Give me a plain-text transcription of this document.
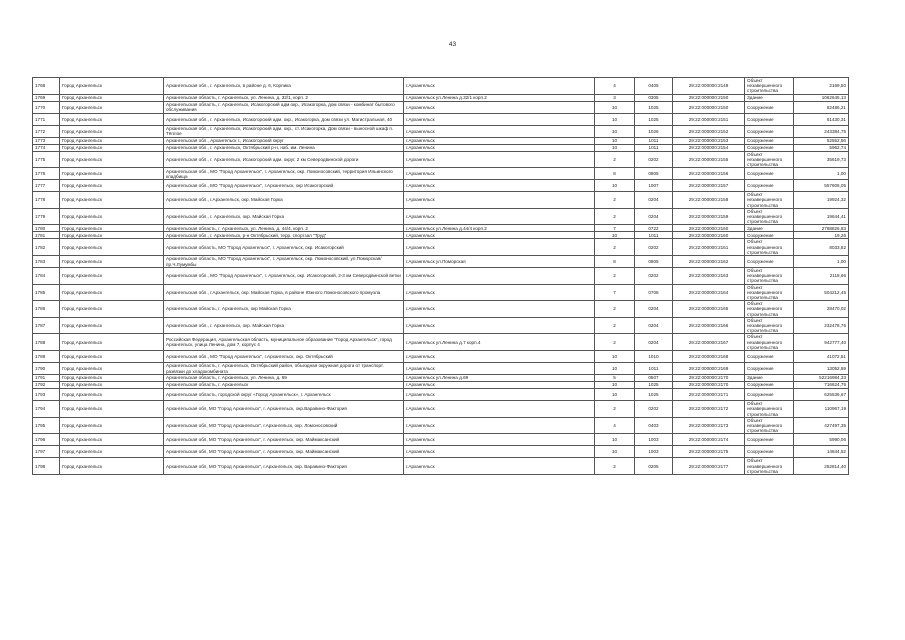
43
1768	Город Архангельск	Архангельская обл., г. Архангельск, в районе д. 6, Корпика	г.Архангельск	4	0405	29:22:000000:2149	Объект незавершенного строительства	2169,50
1769	Город Архангельск	Архангельская область, г. Архангельск, ул. Ленина, д. 32/1, корп. 2	г.Архангельск ул.Ленина д.32/1 корп.2	3	0305	29:22:000000:2150	Здание	1062645,13
1770	Город Архангельск	Архангельская область, г. Архангельск, Исакогорский адм.окр., Исакогорка, дом связи - комбинат бытового обслуживания	г.Архангельск	10	1025	29:22:000000:2150	Сооружение	82486,21
1771	Город Архангельск	Архангельская обл., г. Архангельск, Исакогорский адм. окр., Исакогорка, дом связи ул. Магистральная, 40	г.Архангельск	10	1025	29:22:000000:2151	Сооружение	61430,31
1772	Город Архангельск	Архангельская обл., г. Архангельск, Исакогорский адм. окр., ст. Исакогорка, Дом связи - выносной шкаф п. Тёплое	г.Архангельск	10	1026	29:22:000000:2152	Сооружение	243384,75
1773	Город Архангельск	Архангельская обл., Архангельск г., Исакогорский округ	г.Архангельск	10	1011	29:22:000000:2153	Сооружение	52552,56
1774	Город Архангельск	Архангельская обл., г. Архангельск, Октябрьский р-н, наб. им. Ленина	г.Архангельск	10	1011	29:22:000000:2154	Сооружение	5962,74
1775	Город Архангельск	Архангельская обл., г. Архангельск, Исакогорский адм. округ, 2 км Северодвинской дороги	г.Архангельск	2	0202	29:22:000000:2155	Объект незавершенного строительства	35619,73
1776	Город Архангельск	Архангельская обл., МО "Город Архангельск", г. Архангельск, окр. Ломоносовский, территория Ильинского кладбища	г.Архангельск	8	0805	29:22:000000:2156	Сооружение	1,00
1777	Город Архангельск	Архангельская обл., МО "Город Архангельск", г.Архангельск, окр Исакогорский	г.Архангельск	10	1007	29:22:000000:2157	Сооружение	557606,05
1778	Город Архангельск	Архангельская обл., г.Архангельск, окр. Майская Горка	г.Архангельск	2	0204	29:22:000000:2158	Объект незавершенного строительства	19924,32
1779	Город Архангельск	Архангельская обл., г. Архангельск, окр. Майская Горка	г.Архангельск	2	0204	29:22:000000:2159	Объект незавершенного строительства	19644,41
1780	Город Архангельск	Архангельская область, г. Архангельск, ул. Ленина, д. 44/4, корп. 2	г.Архангельск ул.Ленина д.44/4 корп.2	7	0722	29:22:000000:2160	Здание	2788826,83
1781	Город Архангельск	Архангельская обл., г. Архангельск, р-н Октябрьский, терр. спортзал "Труд"	г.Архангельск	10	1011	29:22:000000:2160	Сооружение	19,26
1782	Город Архангельск	Архангельская область, МО "Город Архангельск", г. Архангельск, окр. Исакогорский	г.Архангельск	2	0202	29:22:000000:2161	Объект незавершенного строительства	8033,62
1783	Город Архангельск	Архангельская область, МО "Город Архангельск", г. Архангельск, окр. Ломоносовский, ул.Поморская/пр.Ч.Лумумбы	г.Архангельск ул.Поморская	8	0805	29:22:000000:2162	Сооружение	1,00
1784	Город Архангельск	Архангельская обл., МО "Город Архангельск", г. Архангельск, окр. Исакогорский, 2-3 км Северодвинской ветки	г.Архангельск	2	0202	29:22:000000:2163	Объект незавершенного строительства	2118,66
1785	Город Архангельск	Архангельская обл., г.Архангельск, окр. Майская Горка, в районе Южного Ломоносовского промузла	г.Архангельск	7	0708	29:22:000000:2164	Объект незавершенного строительства	504212,45
1786	Город Архангельск	Архангельская область, г. Архангельск, окр Майская Горка	г.Архангельск	2	0204	29:22:000000:2165	Объект незавершенного строительства	28470,02
1787	Город Архангельск	Архангельская обл., г. Архангельск, окр. Майская Горка	г.Архангельск	2	0204	29:22:000000:2166	Объект незавершенного строительства	232478,76
1788	Город Архангельск	Российская Федерация, Архангельская область, муниципальное образование "Город Архангельск", город Архангельск, улица Ленина, дом 7, корпус 4	г.Архангельск ул.Ленина д.7 корп.4	2	0204	29:22:000000:2167	Объект незавершенного строительства	942777,40
1789	Город Архангельск	Архангельская обл., МО "Город Архангельск", г.Архангельск, окр. Октябрьский	г.Архангельск	10	1010	29:22:000000:2168	Сооружение	41072,51
1790	Город Архангельск	Архангельская область, г. Архангельск, Октябрьский район, объездная окружная дорога от транспорт. развязки до хладокомбината	г.Архангельск	10	1011	29:22:000000:2169	Сооружение	13052,59
1791	Город Архангельск	Архангельская область, г. Архангельск, ул. Ленина, д. 69	г.Архангельск ул.Ленина д.69	5	0507	29:22:000000:2170	Здание	52216984,33
1792	Город Архангельск	Архангельская область, г. Архангельск	г.Архангельск	10	1025	29:22:000000:2170	Сооружение	716624,75
1793	Город Архангельск	Архангельская область, городской округ «Город Архангельск», г. Архангельск	г.Архангельск	10	1025	29:22:000000:2171	Сооружение	625536,67
1794	Город Архангельск	Архангельская обл, МО "Город Архангельск", г. Архангельск, окр.Варавино-Фактория	г.Архангельск	2	0202	29:22:000000:2172	Объект незавершенного строительства	110967,19
1795	Город Архангельск	Архангельская обл, МО "Город Архангельск", г.Архангельск, окр. Ломоносовский	г.Архангельск	4	0403	29:22:000000:2173	Объект незавершенного строительства	427497,35
1796	Город Архангельск	Архангельская обл, МО "Город Архангельск", г. Архангельск, окр. Маймаксанский	г.Архангельск	10	1003	29:22:000000:2174	Сооружение	5990,06
1797	Город Архангельск	Архангельская обл, МО "Город Архангельск", г. Архангельск, окр. Маймаксанский	г.Архангельск	10	1003	29:22:000000:2175	Сооружение	14844,52
1798	Город Архангельск	Архангельская обл, МО "Город Архангельск", г.Архангельск, окр. Варавино-Фактория	г.Архангельск	2	0205	29:22:000000:2177	Объект незавершенного строительства	252814,40
